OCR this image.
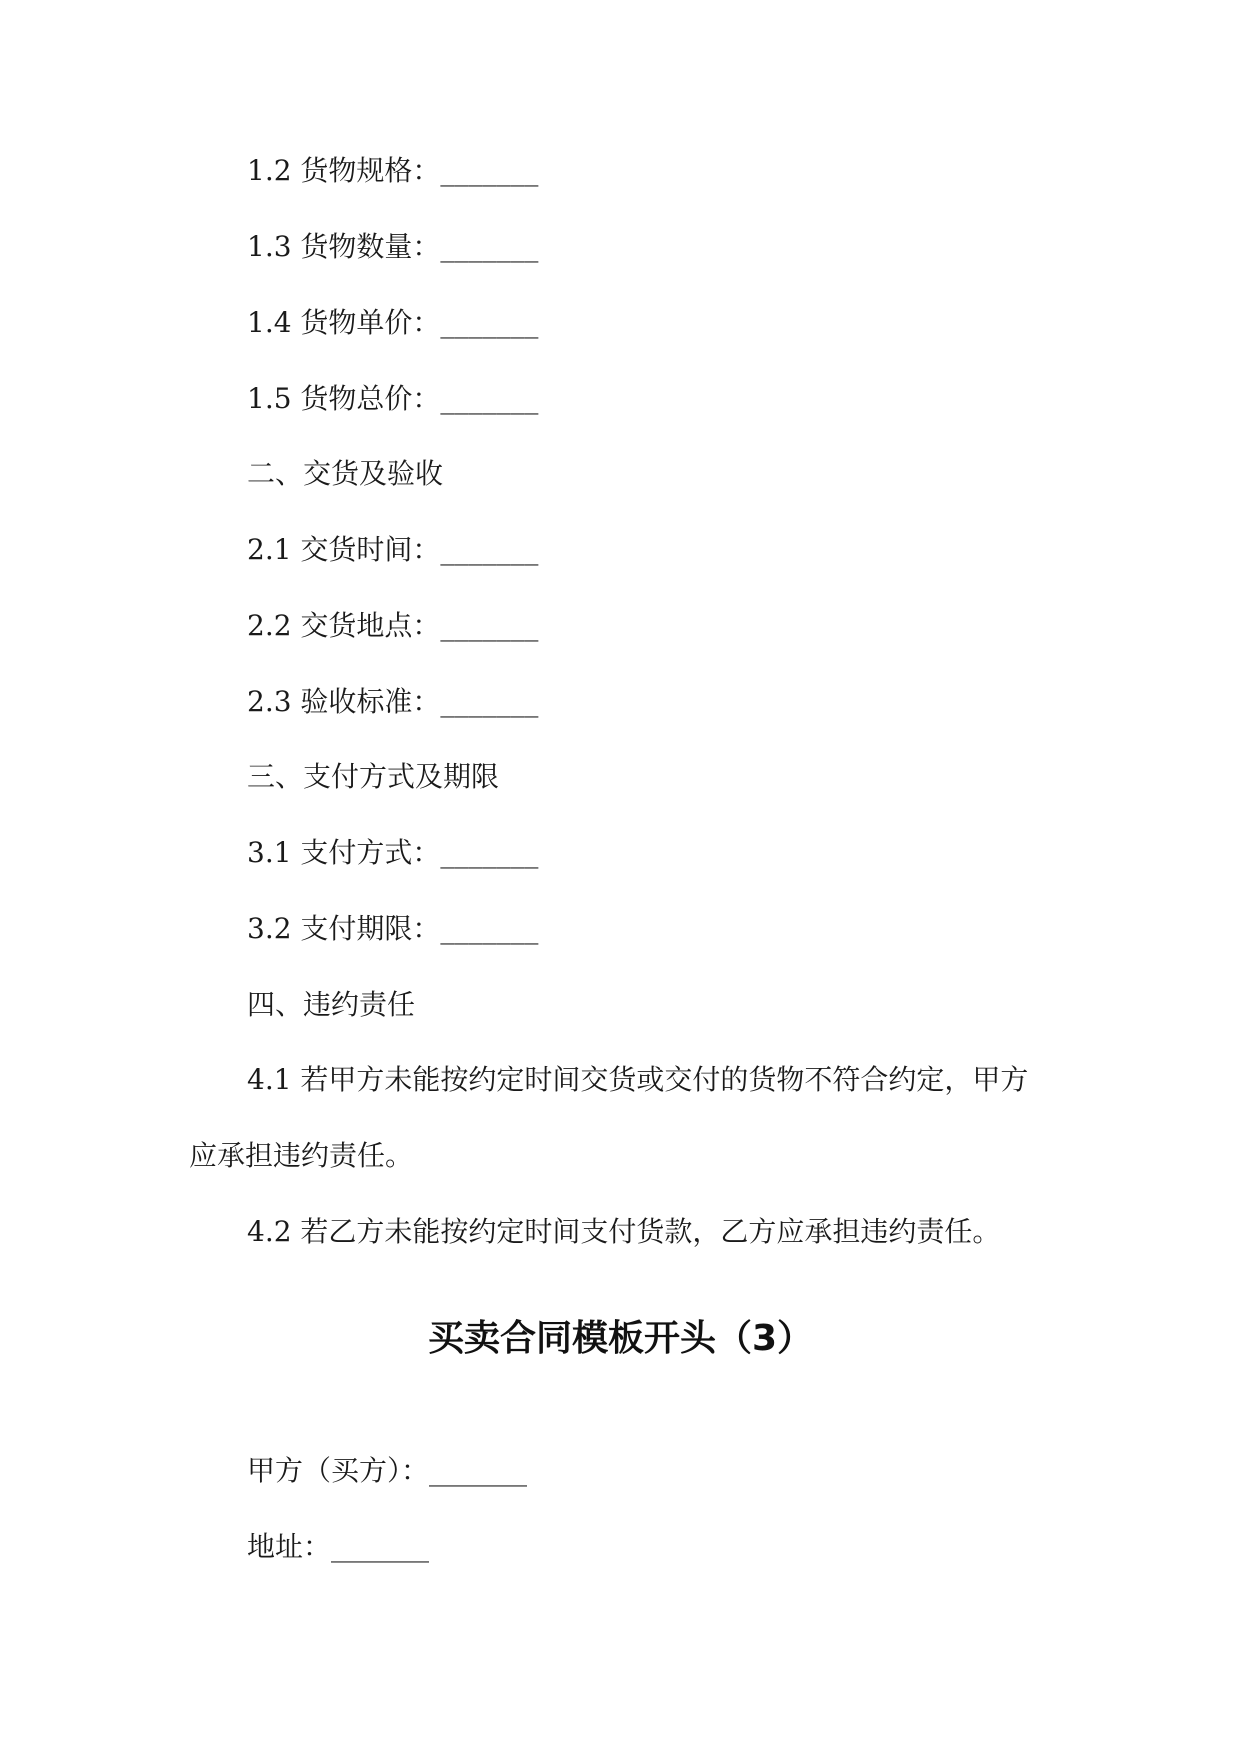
1.2 货物规格：_______
1.3 货物数量：_______
1.4 货物单价：_______
1.5 货物总价：_______
二、交货及验收
2.1 交货时间：_______
2.2 交货地点：_______
2.3 验收标准：_______
三、支付方式及期限
3.1 支付方式：_______
3.2 支付期限：_______
四、违约责任
4.1 若甲方未能按约定时间交货或交付的货物不符合约定，甲方
应承担违约责任。
4.2 若乙方未能按约定时间支付货款，乙方应承担违约责任。
买卖合同模板开头（3）
甲方（买方）：_______
地址：_______
